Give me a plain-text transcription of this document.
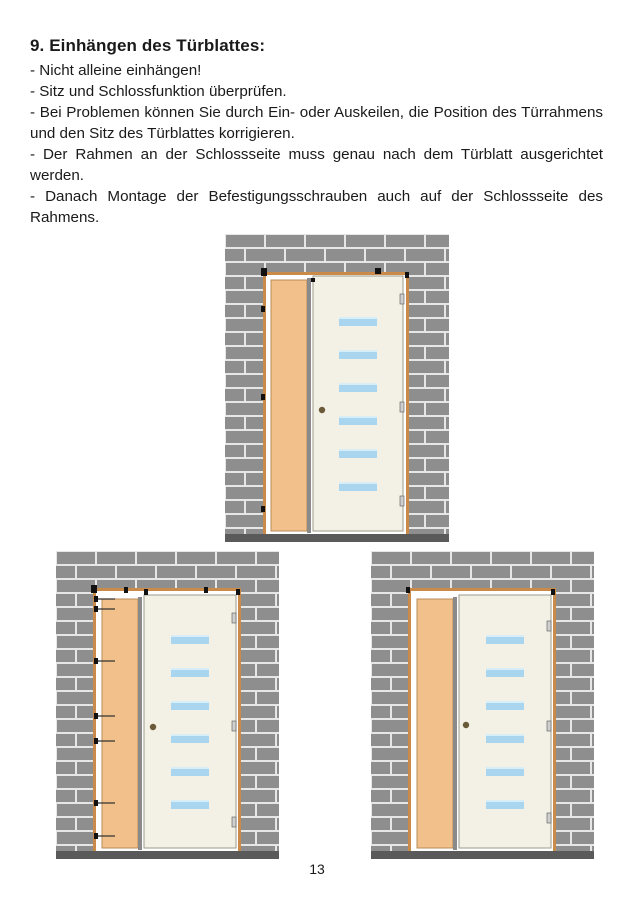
9. Einhängen des Türblattes:
- Nicht alleine einhängen!
- Sitz und Schlossfunktion überprüfen.
- Bei Problemen können Sie durch Ein- oder Auskeilen, die Position des Türrahmens und den Sitz des Türblattes korrigieren.
- Der Rahmen an der Schlossseite muss genau nach dem Türblatt ausgerichtet werden.
- Danach Montage der Befestigungsschrauben auch auf der Schlossseite des Rahmens.
13
